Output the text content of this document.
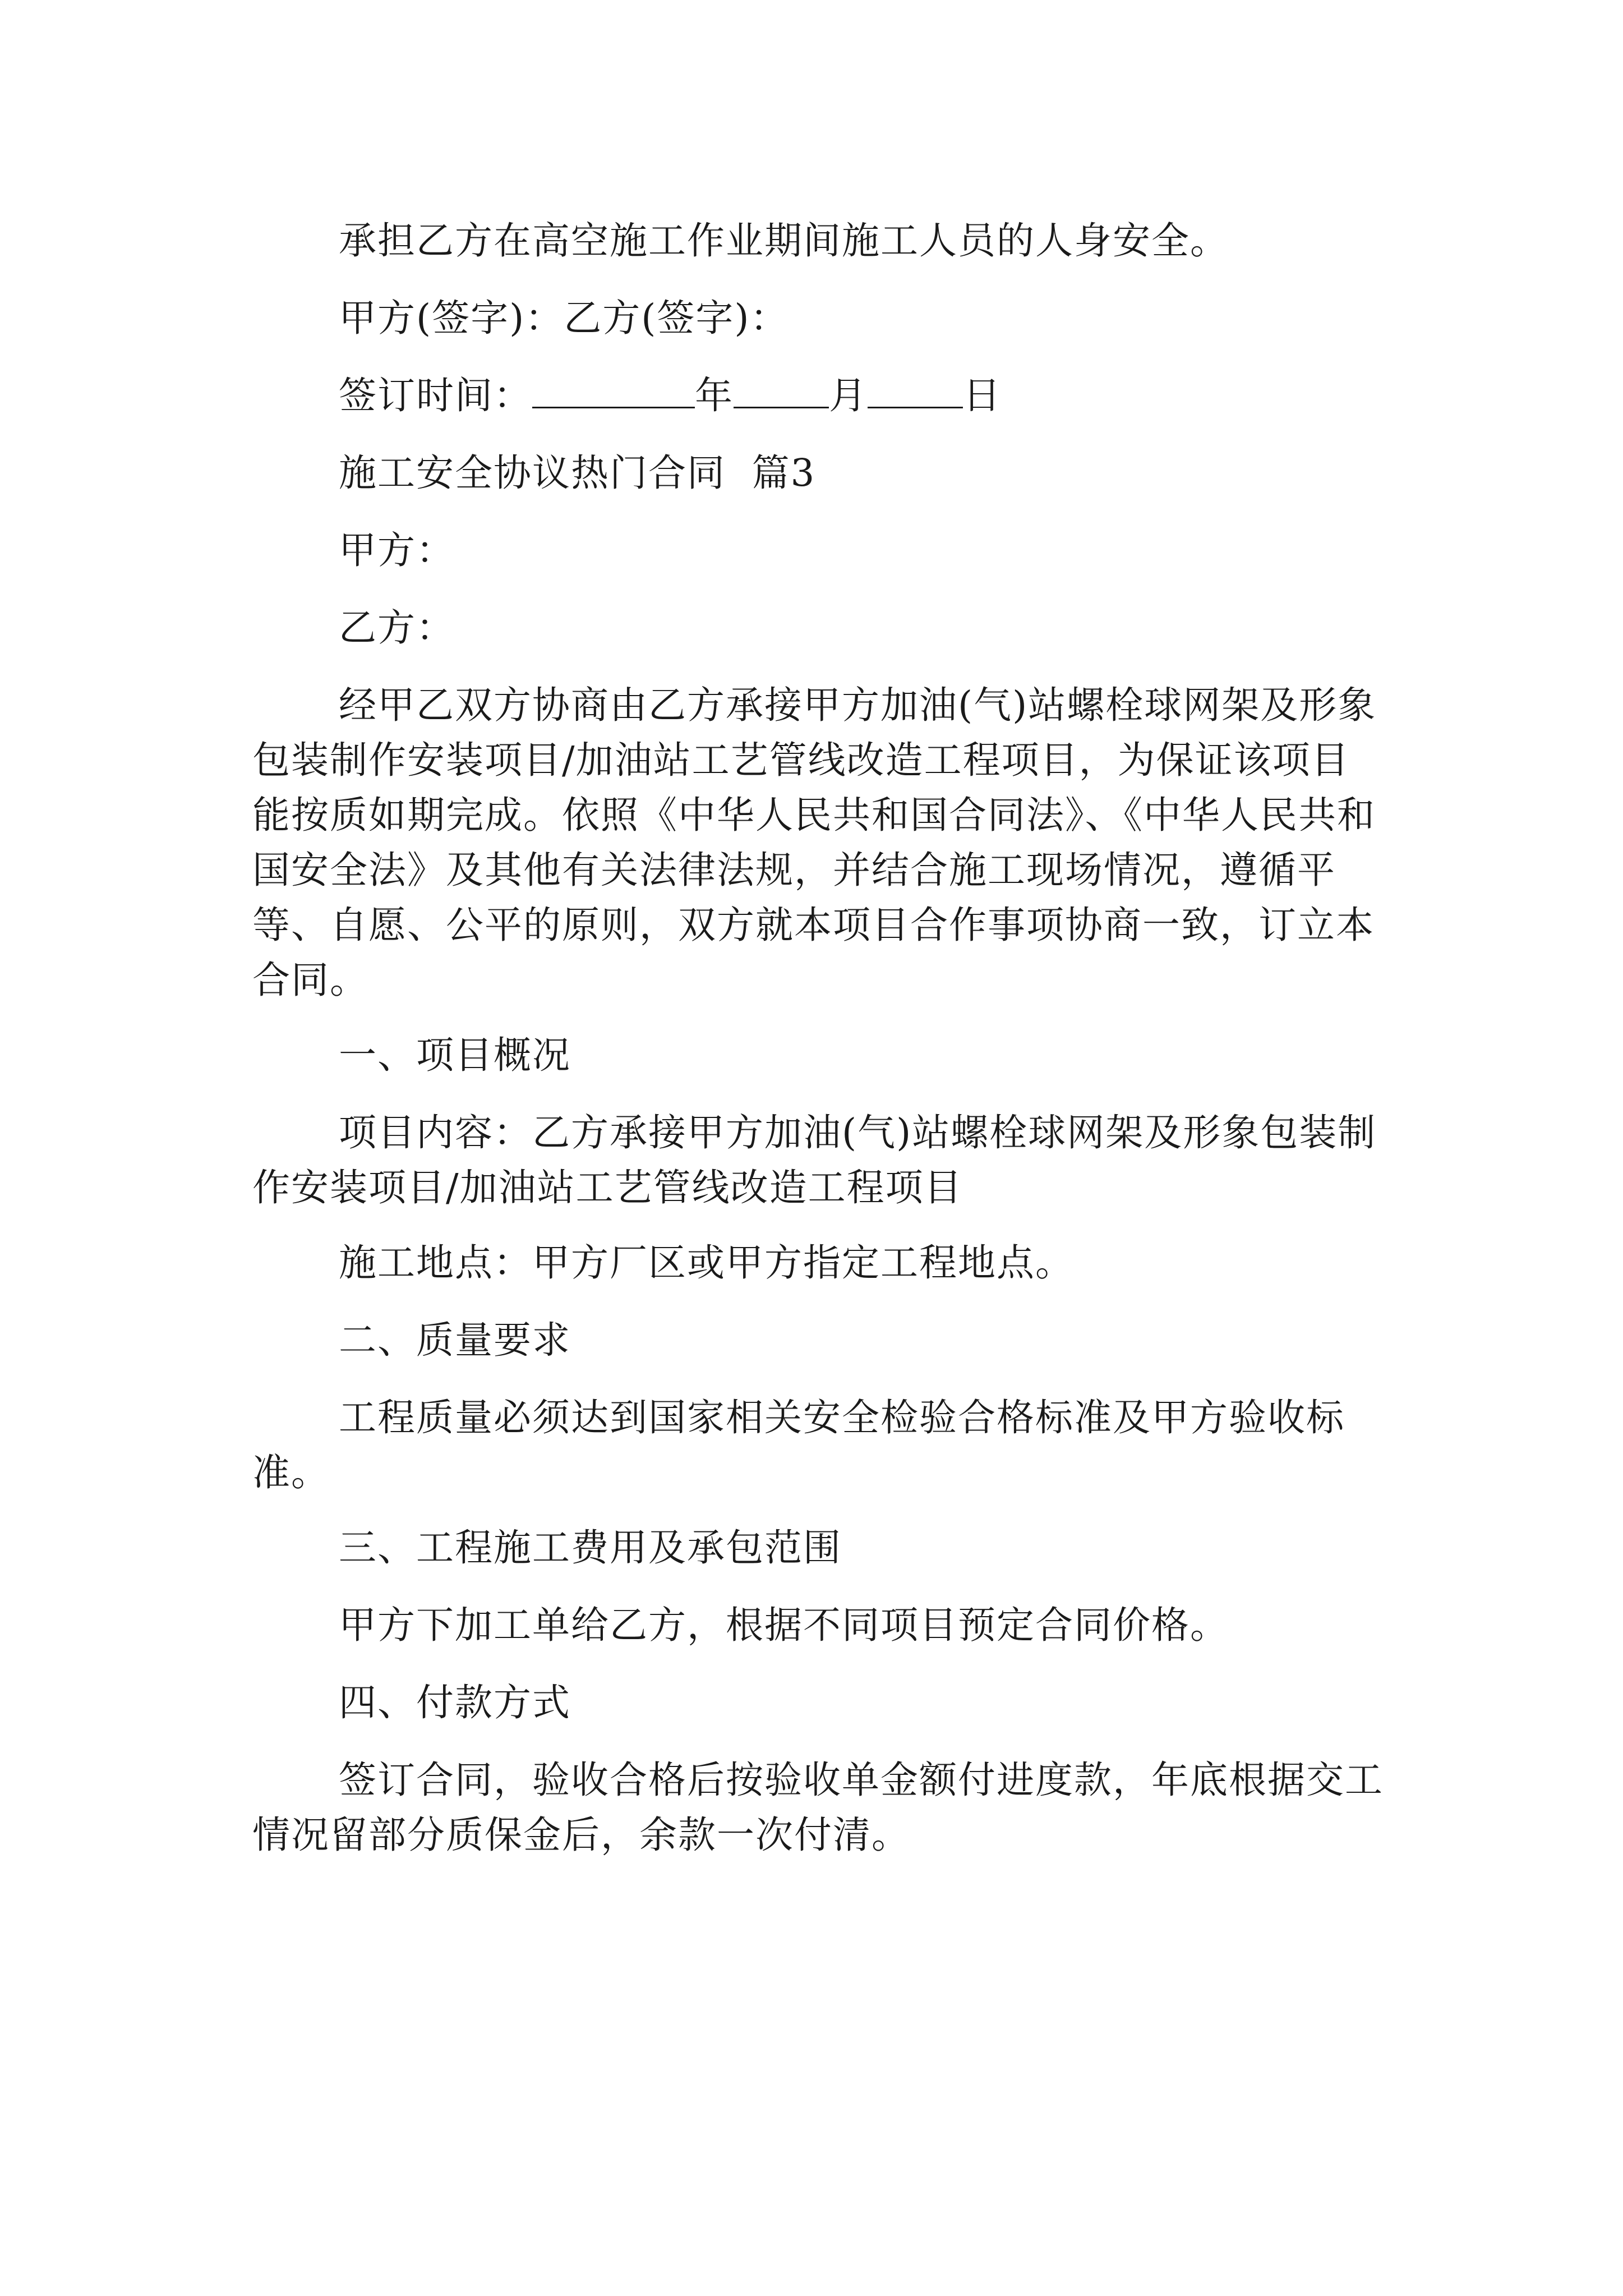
承担乙方在高空施工作业期间施工人员的人身安全。

甲方(签字)：乙方(签字)：

签订时间：	年	月	日

施工安全协议热门合同  篇3

甲方：

乙方：

经甲乙双方协商由乙方承接甲方加油(气)站螺栓球网架及形象包装制作安装项目/加油站工艺管线改造工程项目，为保证该项目能按质如期完成。依照《中华人民共和国合同法》、《中华人民共和国安全法》及其他有关法律法规，并结合施工现场情况，遵循平等、自愿、公平的原则，双方就本项目合作事项协商一致，订立本合同。

一、项目概况

项目内容：乙方承接甲方加油(气)站螺栓球网架及形象包装制作安装项目/加油站工艺管线改造工程项目

施工地点：甲方厂区或甲方指定工程地点。

二、质量要求

工程质量必须达到国家相关安全检验合格标准及甲方验收标准。

三、工程施工费用及承包范围

甲方下加工单给乙方，根据不同项目预定合同价格。

四、付款方式

签订合同，验收合格后按验收单金额付进度款，年底根据交工情况留部分质保金后，余款一次付清。
